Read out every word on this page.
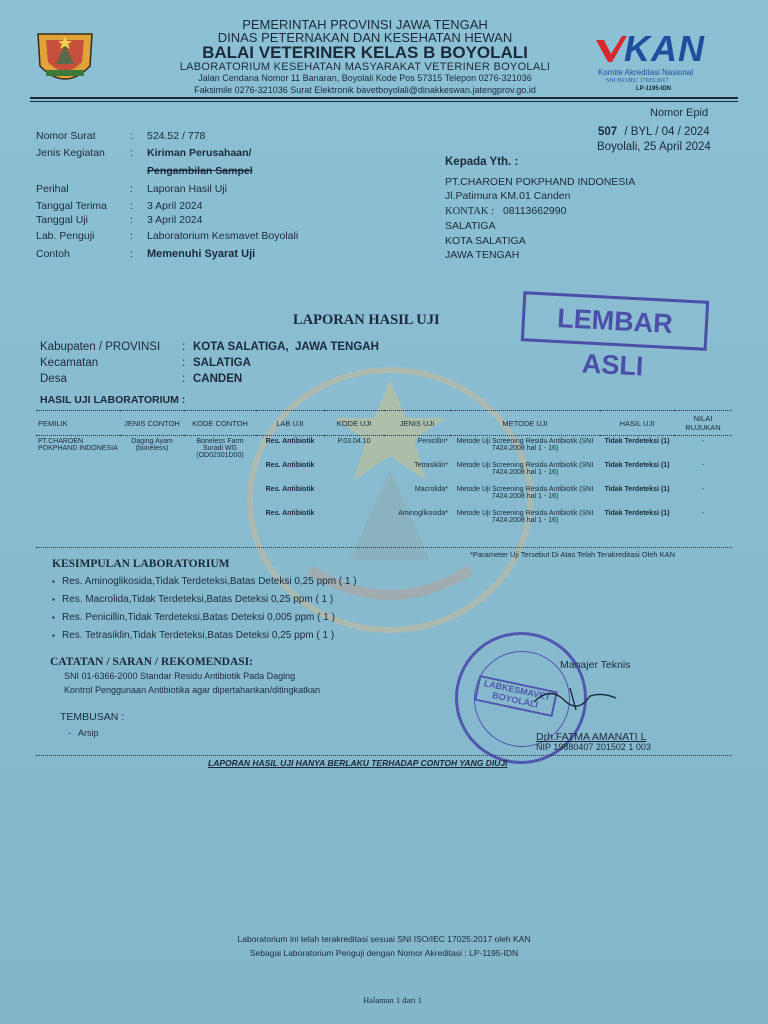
PEMERINTAH PROVINSI JAWA TENGAH
DINAS PETERNAKAN DAN KESEHATAN HEWAN
BALAI VETERINER KELAS B BOYOLALI
LABORATORIUM KESEHATAN MASYARAKAT VETERINER BOYOLALI
Jalan Cendana Nomor 11 Banaran, Boyolali Kode Pos 57315 Telepon 0276-321036
Faksimile 0276-321036 Surat Elektronik bavetboyolali@dinakkeswan.jatengprov.go.id
KAN
Komite Akreditasi Nasional
SNI ISO/IEC 17025:2017
LP-1195-IDN
Nomor Epid
507 / BYL / 04 / 2024
Boyolali, 25 April 2024
Nomor Surat	: 524.52 / 778
Jenis Kegiatan : Kiriman Perusahaan/
Pengambilan Sampel
Perihal	: Laporan Hasil Uji
Tanggal Terima : 3 April 2024
Tanggal Uji	: 3 April 2024
Lab. Penguji	: Laboratorium Kesmavet Boyolali
Contoh	: Memenuhi Syarat Uji
Kepada Yth. :
PT.CHAROEN POKPHAND INDONESIA
Jl.Patimura KM.01 Canden
KONTAK : 08113662990
SALATIGA
KOTA SALATIGA
JAWA TENGAH
LEMBAR ASLI
LAPORAN HASIL UJI
Kabupaten / PROVINSI : KOTA SALATIGA,  JAWA TENGAH
Kecamatan	: SALATIGA
Desa	: CANDEN
HASIL UJI LABORATORIUM :
PEMILIK	JENIS CONTOH	KODE CONTOH	LAB UJI	KODE UJI	JENIS UJI	METODE UJI	HASIL UJI	NILAI RUJUKAN
PT.CHAROEN POKPHAND INDONESIA	Daging Ayam (boneless)	Boneless Farm Suradi WG (OD02301D00)	Res. Antibiotik	P.03.04.10	Penicillin*	Metode Uji Screening Residu Antibiotik (SNI 7424:2008 hal 1 - 16)	Tidak Terdeteksi (1)	-
			Res. Antibiotik		Tetrasiklin*	Metode Uji Screening Residu Antibiotik (SNI 7424:2008 hal 1 - 16)	Tidak Terdeteksi (1)	-
			Res. Antibiotik		Macrolida*	Metode Uji Screening Residu Antibiotik (SNI 7424:2008 hal 1 - 16)	Tidak Terdeteksi (1)	-
			Res. Antibiotik		Aminoglikosida*	Metode Uji Screening Residu Antibiotik (SNI 7424:2008 hal 1 - 16)	Tidak Terdeteksi (1)	-
*Parameter Uji Tersebut Di Atas Telah Terakreditasi Oleh KAN
KESIMPULAN LABORATORIUM
▪ Res. Aminoglikosida,Tidak Terdeteksi,Batas Deteksi 0,25 ppm ( 1 )
▪ Res. Macrolida,Tidak Terdeteksi,Batas Deteksi 0,25 ppm ( 1 )
▪ Res. Penicillin,Tidak Terdeteksi,Batas Deteksi 0,005 ppm ( 1 )
▪ Res. Tetrasiklin,Tidak Terdeteksi,Batas Deteksi 0,25 ppm ( 1 )
CATATAN / SARAN / REKOMENDASI:
SNI 01-6366-2000 Standar Residu Antibiotik Pada Daging
Kontrol Penggunaan Antibiotika agar dipertahankan/ditingkatkan
TEMBUSAN :
-   Arsip
LABKESMAVET BOYOLALI
Manajer Teknis
Drh.FATMA AMANATI L
NIP 19880407 201502 1 003
LAPORAN HASIL UJI HANYA BERLAKU TERHADAP CONTOH YANG DIUJI
Laboratorium ini telah terakreditasi sesuai SNI ISO/IEC 17025:2017 oleh KAN
Sebagai Laboratorium Penguji dengan Nomor Akreditasi : LP-1195-IDN
Halaman 1 dari 1
